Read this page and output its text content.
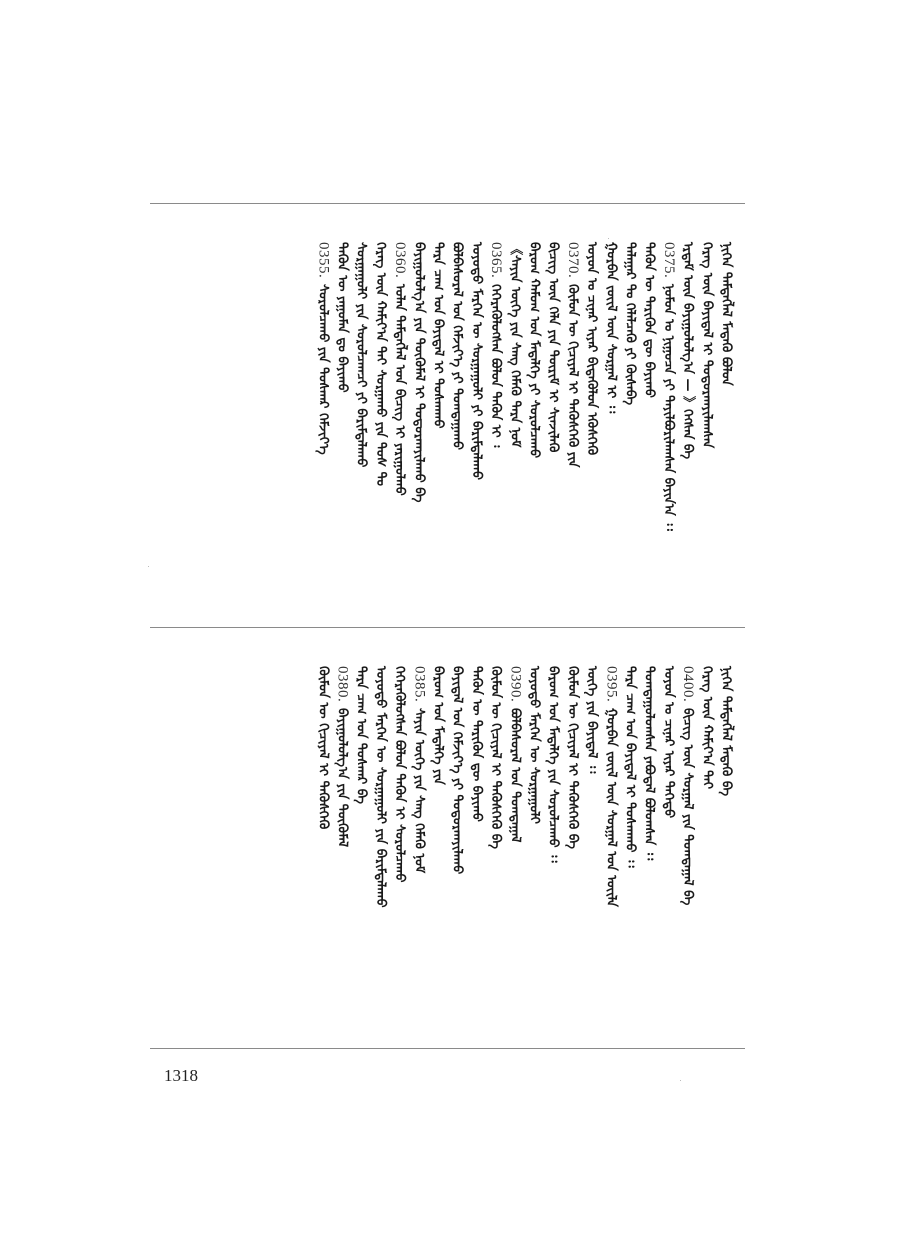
ᠨᠢᠭᠡᠨ ᠲᠡᠮᠳᠡᠭᠯᠡᠯ ᠮᠡᠳᠡᠬᠦ ᠪᠣᠯᠤᠨ
ᠬᠡᠷᠡᠭ ᠦᠨ ᠪᠠᠶᠢᠳᠠᠯ ᠢ ᠲᠣᠳᠤᠷᠬᠠᠶᠢᠯᠠᠭᠰᠠᠨ
ᠡᠷᠳᠡᠮ ᠦᠨ ᠪᠠᠶᠢᠭᠤᠯᠤᠯᠭ᠎ᠠ — 》ᠭᠡᠭᠰᠡᠨ ᠪᠠ
0375.
ᠨᠣᠮᠤᠨ ᠤ ᠨᠢᠭᠤᠴᠠ ᠶᠢ ᠲᠠᠶᠢᠯᠪᠤᠷᠢᠯᠠᠭᠰᠠᠨ ᠪᠠᠶᠢᠨ᠎ᠠ ᠄᠄
ᠲᠡᠭᠦᠨ ᠦ ᠲᠡᠷᠢᠭᠦᠨ ᠳᠦ ᠪᠠᠶᠢᠬᠤ
ᠲᠠᠯᠠᠭᠠᠷ ᠲᠤ ᠬᠡᠯᠡᠯᠴᠡᠬᠦ ᠶᠢ ᠬᠦᠰᠡᠪᠡ
ᠭᠤᠷᠪᠠᠨ ᠵᠦᠢᠯ ᠦᠨ ᠰᠤᠷᠭᠠᠯ ᠢ ᠄᠄
ᠣᠶᠤᠨ ᠤ ᠴᠢᠨᠠᠷ ᠢᠶᠠᠷ ᠪᠢᠳᠡᠭᠦᠯᠦᠨ ᠡᠭᠦᠰᠬᠡᠬᠦ
0370.
ᠬᠦᠮᠦᠨ ᠦ ᠬᠢᠴᠢᠶᠡᠯ ᠢ ᠲᠡᠭᠦᠰᠬᠡᠬᠦ ᠶᠢᠨ
ᠪᠢᠴᠢᠭ ᠦᠨ ᠬᠡᠯᠡ ᠶᠢᠨ ᠳᠦᠷᠢᠮ ᠢ ᠰᠢᠨᠵᠢᠯᠡᠬᠦ
ᠪᠠᠷᠤᠭ ᠬᠠᠮᠤᠭ ᠤᠨ ᠮᠡᠳᠡᠯᠭᠡ ᠶᠢ ᠰᠤᠷᠤᠯᠴᠠᠬᠤ
《ᠰᠠᠶᠢᠨ ᠦᠭᠡ ᠶᠢᠨ ᠰᠠᠩ ᠬᠡᠮᠡᠬᠦ ᠲᠡᠷᠡ ᠨᠣᠮ
0365.
ᠭᠡᠭᠡᠷᠡᠭᠦᠯᠦᠭᠰᠡᠨ ᠪᠣᠯᠤᠨ ᠲᠡᠭᠦᠨ ᠢ ᠄
ᠣᠶᠤᠲᠤ ᠮᠡᠷᠭᠡᠨ ᠦ ᠰᠤᠷᠭᠠᠭᠤᠯᠢ ᠶᠢ ᠪᠠᠷᠢᠮᠲᠠᠯᠠᠬᠤ
ᠪᠣᠯᠪᠠᠰᠤᠷᠠᠯ ᠤᠨ ᠬᠡᠮᠵᠢᠶ᠎ᠡ ᠶᠢ ᠲᠣᠭᠲᠠᠭᠠᠬᠤ
ᠲᠡᠷᠡ ᠴᠠᠭ ᠤᠨ ᠪᠠᠶᠢᠳᠠᠯ ᠢ ᠲᠤᠰᠬᠠᠬᠤ
ᠪᠠᠶᠢᠭᠤᠯᠤᠯᠭ᠎ᠠ ᠶᠢᠨ ᠲᠦᠭᠦᠮᠡᠯ ᠢ ᠲᠣᠳᠤᠷᠬᠠᠶᠢᠯᠠᠬᠤ ᠪᠠ
0360.
ᠣᠯᠠᠨ ᠲᠡᠮᠳᠡᠭᠯᠡᠯ ᠤᠨ ᠪᠢᠴᠢᠭ ᠢ ᠶᠠᠷᠢᠭᠤᠯᠬᠤ
ᠬᠡᠷᠡᠭ ᠦᠨ ᠬᠠᠮᠢᠶ᠎ᠠ ᠲᠡᠢ ᠰᠤᠷᠭᠠᠬᠤ ᠶᠢᠨ ᠲᠤᠰ ᠲᠤ
ᠰᠤᠷᠭᠠᠭᠤᠯᠢ ᠶᠢᠨ ᠰᠤᠷᠤᠯᠴᠠᠭᠴᠢ ᠶᠢ ᠪᠠᠷᠢᠮᠲᠠᠯᠠᠬᠤ
ᠲᠡᠭᠦᠨ ᠦ ᠶᠠᠭᠤᠮᠠᠨ ᠳᠤ ᠪᠠᠶᠢᠬᠤ
0355.
ᠰᠤᠷᠤᠯᠴᠠᠬᠤ ᠶᠢᠨ ᠲᠤᠰᠬᠠᠷ ᠬᠡᠮᠵᠢᠶ᠎ᠡ
ᠨᠢᠭᠡᠨ ᠲᠡᠮᠳᠡᠭᠯᠡᠯ ᠮᠡᠳᠡᠬᠦ ᠪᠠ
ᠬᠡᠷᠡᠭ ᠦᠨ ᠬᠠᠮᠢᠶ᠎ᠠ ᠲᠡᠢ
0400.
ᠪᠢᠴᠢᠭ ᠦᠨ ᠰᠤᠷᠭᠠᠯ ᠶᠢᠨ ᠲᠣᠭᠲᠠᠭᠠᠯ ᠪᠠ
ᠣᠶᠤᠨ ᠤ ᠴᠢᠨᠠᠷ ᠢᠶᠠᠷ ᠳᠡᠭᠡᠳᠦ
ᠲᠣᠭᠲᠠᠭᠤᠯᠤᠭᠰᠠᠨ ᠶᠠᠪᠤᠳᠠᠯ ᠪᠣᠯᠤᠭᠰᠠᠨ ᠄᠄
ᠲᠡᠷᠡ ᠴᠠᠭ ᠤᠨ ᠪᠠᠶᠢᠳᠠᠯ ᠢ ᠲᠤᠰᠬᠠᠬᠤ ᠄᠄
0395.
ᠭᠤᠷᠪᠠᠨ ᠵᠦᠢᠯ ᠦᠨ ᠰᠤᠷᠭᠠᠯ ᠤᠨ ᠦᠢᠯᠡ
ᠦᠭᠡ ᠶᠢᠨ ᠪᠠᠶᠢᠳᠠᠯ ᠄᠄
ᠬᠦᠮᠦᠨ ᠦ ᠬᠢᠴᠢᠶᠡᠯ ᠢ ᠲᠡᠭᠦᠰᠬᠡᠬᠦ ᠪᠠ
ᠪᠠᠷᠤᠭ ᠤᠨ ᠮᠡᠳᠡᠯᠭᠡ ᠶᠢᠨ ᠰᠤᠷᠤᠯᠴᠠᠬᠤ ᠄᠄
ᠣᠶᠤᠲᠤ ᠮᠡᠷᠭᠡᠨ ᠦ ᠰᠤᠷᠭᠠᠭᠤᠯᠢ
0390.
ᠪᠣᠯᠪᠠᠰᠤᠷᠠᠯ ᠤᠨ ᠲᠣᠭᠲᠠᠭᠠᠯ
ᠬᠦᠮᠦᠨ ᠦ ᠬᠢᠴᠢᠶᠡᠯ ᠢ ᠲᠡᠭᠦᠰᠬᠡᠬᠦ ᠪᠠ
ᠲᠡᠭᠦᠨ ᠦ ᠲᠡᠷᠢᠭᠦᠨ ᠳᠦ ᠪᠠᠶᠢᠬᠤ
ᠪᠠᠶᠢᠳᠠᠯ ᠤᠨ ᠬᠡᠮᠵᠢᠶ᠎ᠡ ᠶᠢ ᠲᠣᠳᠤᠷᠬᠠᠶᠢᠯᠠᠬᠤ
ᠪᠠᠷᠤᠭ ᠤᠨ ᠮᠡᠳᠡᠯᠭᠡ ᠶᠢᠨ
0385.
ᠰᠠᠶᠢᠨ ᠦᠭᠡ ᠶᠢᠨ ᠰᠠᠩ ᠬᠡᠮᠡᠬᠦ ᠨᠣᠮ
ᠭᠡᠭᠡᠷᠡᠭᠦᠯᠦᠭᠰᠡᠨ ᠪᠣᠯᠤᠨ ᠲᠡᠭᠦᠨ ᠢ ᠰᠤᠷᠤᠯᠴᠠᠬᠤ
ᠣᠶᠤᠲᠤ ᠮᠡᠷᠭᠡᠨ ᠦ ᠰᠤᠷᠭᠠᠭᠤᠯᠢ ᠶᠢᠨ ᠪᠠᠷᠢᠮᠲᠠᠯᠠᠬᠤ
ᠲᠡᠷᠡ ᠴᠠᠭ ᠤᠨ ᠲᠤᠰᠬᠠᠷ ᠪᠠ
0380.
ᠪᠠᠶᠢᠭᠤᠯᠤᠯᠭ᠎ᠠ ᠶᠢᠨ ᠲᠦᠭᠦᠮᠡᠯ
ᠬᠦᠮᠦᠨ ᠦ ᠬᠢᠴᠢᠶᠡᠯ ᠢ ᠲᠡᠭᠦᠰᠬᠡᠬᠦ
1318
